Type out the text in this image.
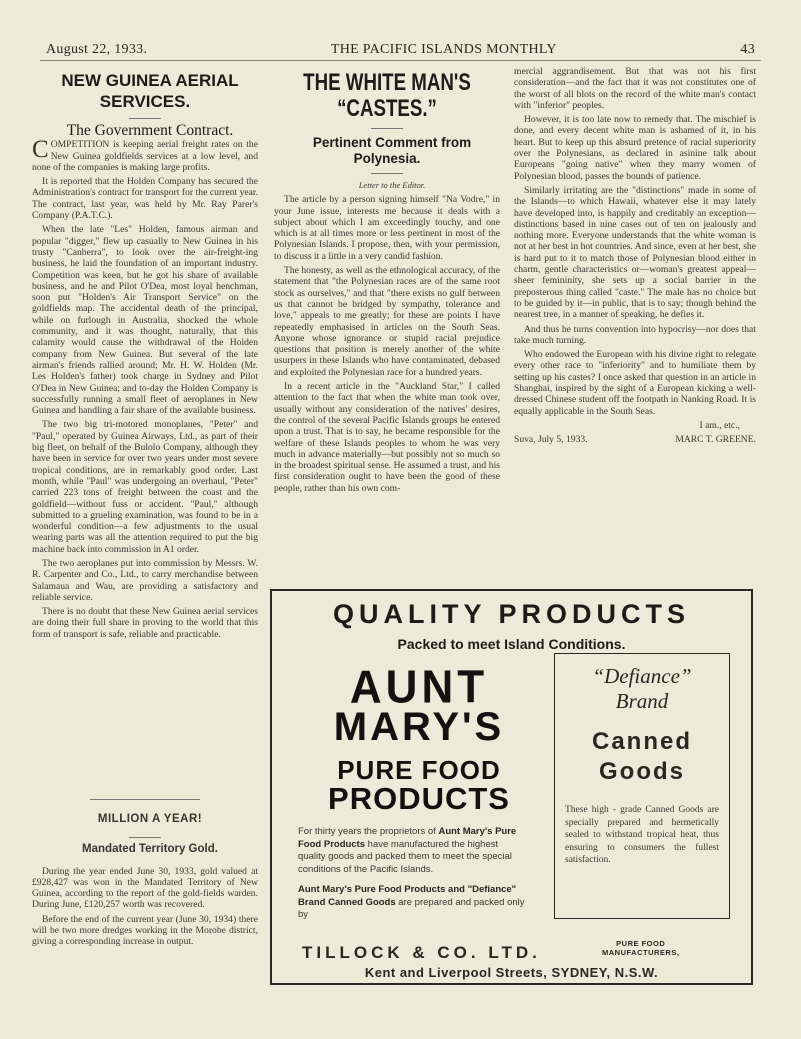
August 22, 1933.	THE PACIFIC ISLANDS MONTHLY	43

NEW GUINEA AERIAL SERVICES.

The Government Contract.

COMPETITION is keeping aerial freight rates on the New Guinea goldfields services at a low level, and none of the companies is making large profits.

It is reported that the Holden Company has secured the Administration's contract for transport for the current year. The contract, last year, was held by Mr. Ray Parer's Company (P.A.T.C.).

When the late "Les" Holden, famous airman and popular "digger," flew up casually to New Guinea in his trusty "Canberra", to look over the air-freight-ing business, he laid the foundation of an important industry. Competition was keen, but he got his share of available business, and he and Pilot O'Dea, most loyal henchman, soon put "Holden's Air Transport Service" on the goldfields map. The accidental death of the principal, while on furlough in Australia, shocked the whole community, and it was thought, naturally, that this calamity would cause the withdrawal of the Holden company from New Guinea. But several of the late airman's friends rallied around; Mr. H. W. Holden (Mr. Les Holden's father) took charge in Sydney and Pilot O'Dea in New Guinea; and to-day the Holden Company is successfully running a small fleet of aeroplanes in New Guinea and handling a fair share of the available business.

The two big tri-motored monoplanes, "Peter" and "Paul," operated by Guinea Airways, Ltd., as part of their big fleet, on behalf of the Bulolo Company, although they have been in service for over two years under most severe tropical conditions, are in remarkably good order. Last month, while "Paul" was undergoing an overhaul, "Peter" carried 223 tons of freight between the coast and the goldfield—without fuss or accident. "Paul," although submitted to a grueling examination, was found to be in a wonderful condition—a few adjustments to the usual wearing parts was all the attention required to put the big machine back into commission in A1 order.

The two aeroplanes put into commission by Messrs. W. R. Carpenter and Co., Ltd., to carry merchandise between Salamaua and Wau, are providing a satisfactory and reliable service.

There is no doubt that these New Guinea aerial services are doing their full share in proving to the world that this form of transport is safe, reliable and practicable.

MILLION A YEAR!

Mandated Territory Gold.

During the year ended June 30, 1933, gold valued at £928,427 was won in the Mandated Territory of New Guinea, according to the report of the gold-fields warden. During June, £120,257 worth was recovered.

Before the end of the current year (June 30, 1934) there will be two more dredges working in the Morobe district, giving a corresponding increase in output.

THE WHITE MAN'S
“CASTES.”

Pertinent Comment from Polynesia.

Letter to the Editor.

The article by a person signing himself "Na Vodre," in your June issue, interests me because it deals with a subject about which I am exceedingly touchy, and one which is at all times more or less pertinent in most of the Polynesian Islands. I propose, then, with your permission, to discuss it a little in a very candid fashion.

The honesty, as well as the ethnological accuracy, of the statement that "the Polynesian races are of the same root stock as ourselves," and that "there exists no gulf between us that cannot be bridged by sympathy, tolerance and love," appeals to me greatly; for these are points I have repeatedly emphasised in articles on the South Seas. Anyone whose ignorance or stupid racial prejudice questions that position is merely another of the white usurpers in these Islands who have contaminated, debased and exploited the Polynesian race for a hundred years.

In a recent article in the "Auckland Star," I called attention to the fact that when the white man took over, usually without any consideration of the natives' desires, the control of the several Pacific Islands groups he entered upon a trust. That is to say, he became responsible for the welfare of these Islands peoples to whom he was very much in advance materially—but possibly not so much so in the broadest spiritual sense. He assumed a trust, and his first consideration ought to have been the good of these people, rather than his own com-

mercial aggrandisement. But that was not his first consideration—and the fact that it was not constitutes one of the worst of all blots on the record of the white man's contact with "inferior" peoples.

However, it is too late now to remedy that. The mischief is done, and every decent white man is ashamed of it, in his heart. But to keep up this absurd pretence of racial superiority over the Polynesians, as declared in asinine talk about Europeans "going native" when they marry women of Polynesian blood, passes the bounds of patience.

Similarly irritating are the "distinctions" made in some of the Islands—to which Hawaii, whatever else it may lately have developed into, is happily and creditably an exception—distinctions based in nine cases out of ten on jealously and nothing more. Everyone understands that the white woman is not at her best in hot countries. And since, even at her best, she is hard put to it to match those of Polynesian blood either in charm, gentle characteristics or—woman's greatest appeal—sheer femininity, she sets up a social barrier in the preposterous thing called "caste." The male has no choice but to be guided by it—in public, that is to say; though behind the nearest tree, in a manner of speaking, he defies it.

And thus he turns convention into hypocrisy—nor does that take much turning.

Who endowed the European with his divine right to relegate every other race to "inferiority" and to humiliate them by setting up his castes? I once asked that question in an article in Shanghai, inspired by the sight of a European kicking a well-dressed Chinese student off the footpath in Nanking Road. It is equally applicable in the South Seas.

I am., etc.,

Suva, July 5, 1933.	MARC T. GREENE.
QUALITY PRODUCTS
Packed to meet Island Conditions.
AUNT
MARY'S
PURE FOOD
PRODUCTS
For thirty years the proprietors of Aunt Mary's Pure Food Products have manufactured the highest quality goods and packed them to meet the special conditions of the Pacific Islands.
Aunt Mary's Pure Food Products and "Defiance" Brand Canned Goods are prepared and packed only by
“Defiance”
Brand
Canned
Goods
These high - grade Canned Goods are specially prepared and hermetically sealed to withstand tropical heat, thus ensuring to consumers the fullest satisfaction.
TILLOCK & CO. LTD.	PURE FOOD
MANUFACTURERS,
Kent and Liverpool Streets, SYDNEY, N.S.W.
